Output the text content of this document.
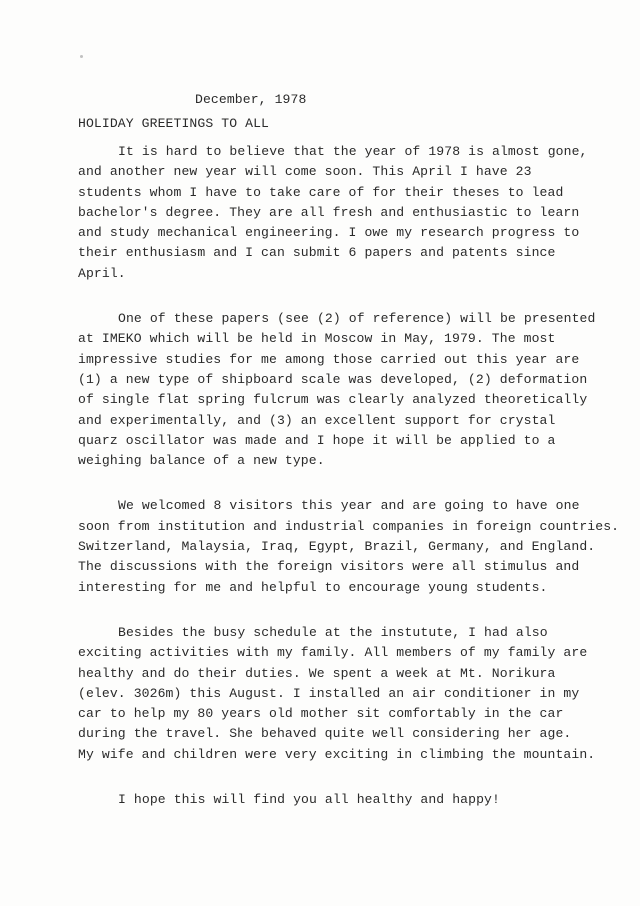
December, 1978
HOLIDAY GREETINGS TO ALL

It is hard to believe that the year of 1978 is almost gone,
and another new year will come soon. This April I have 23
students whom I have to take care of for their theses to lead
bachelor's degree. They are all fresh and enthusiastic to learn
and study mechanical engineering. I owe my research progress to
their enthusiasm and I can submit 6 papers and patents since
April.

One of these papers (see (2) of reference) will be presented
at IMEKO which will be held in Moscow in May, 1979. The most
impressive studies for me among those carried out this year are
(1) a new type of shipboard scale was developed, (2) deformation
of single flat spring fulcrum was clearly analyzed theoretically
and experimentally, and (3) an excellent support for crystal
quarz oscillator was made and I hope it will be applied to a
weighing balance of a new type.

We welcomed 8 visitors this year and are going to have one
soon from institution and industrial companies in foreign countries.
Switzerland, Malaysia, Iraq, Egypt, Brazil, Germany, and England.
The discussions with the foreign visitors were all stimulus and
interesting for me and helpful to encourage young students.

Besides the busy schedule at the instutute, I had also
exciting activities with my family. All members of my family are
healthy and do their duties. We spent a week at Mt. Norikura
(elev. 3026m) this August. I installed an air conditioner in my
car to help my 80 years old mother sit comfortably in the car
during the travel. She behaved quite well considering her age.
My wife and children were very exciting in climbing the mountain.

I hope this will find you all healthy and happy!
